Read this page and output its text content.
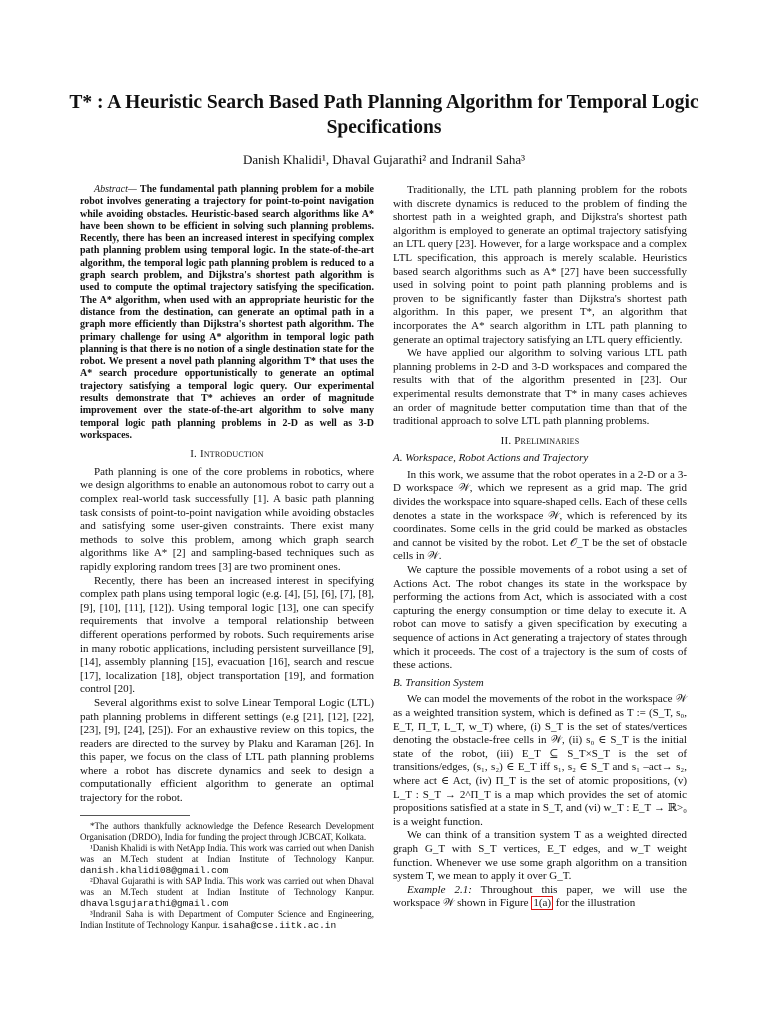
T* : A Heuristic Search Based Path Planning Algorithm for Temporal Logic Specifications
Danish Khalidi¹, Dhaval Gujarathi² and Indranil Saha³

Abstract— The fundamental path planning problem for a mobile robot involves generating a trajectory for point-to-point navigation while avoiding obstacles. Heuristic-based search algorithms like A* have been shown to be efficient in solving such planning problems. Recently, there has been an increased interest in specifying complex path planning problem using temporal logic. In the state-of-the-art algorithm, the temporal logic path planning problem is reduced to a graph search problem, and Dijkstra's shortest path algorithm is used to compute the optimal trajectory satisfying the specification. The A* algorithm, when used with an appropriate heuristic for the distance from the destination, can generate an optimal path in a graph more efficiently than Dijkstra's shortest path algorithm. The primary challenge for using A* algorithm in temporal logic path planning is that there is no notion of a single destination state for the robot. We present a novel path planning algorithm T* that uses the A* search procedure opportunistically to generate an optimal trajectory satisfying a temporal logic query. Our experimental results demonstrate that T* achieves an order of magnitude improvement over the state-of-the-art algorithm to solve many temporal logic path planning problems in 2-D as well as 3-D workspaces.

I. Introduction

Path planning is one of the core problems in robotics, where we design algorithms to enable an autonomous robot to carry out a complex real-world task successfully [1]. A basic path planning task consists of point-to-point navigation while avoiding obstacles and satisfying some user-given constraints. There exist many methods to solve this problem, among which graph search algorithms like A* [2] and sampling-based techniques such as rapidly exploring random trees [3] are two prominent ones.

Recently, there has been an increased interest in specifying complex path plans using temporal logic (e.g. [4], [5], [6], [7], [8], [9], [10], [11], [12]). Using temporal logic [13], one can specify requirements that involve a temporal relationship between different operations performed by robots. Such requirements arise in many robotic applications, including persistent surveillance [9], [14], assembly planning [15], evacuation [16], search and rescue [17], localization [18], object transportation [19], and formation control [20].

Several algorithms exist to solve Linear Temporal Logic (LTL) path planning problems in different settings (e.g [21], [12], [22], [23], [9], [24], [25]). For an exhaustive review on this topics, the readers are directed to the survey by Plaku and Karaman [26]. In this paper, we focus on the class of LTL path planning problems where a robot has discrete dynamics and seek to design a computationally efficient algorithm to generate an optimal trajectory for the robot.

*The authors thankfully acknowledge the Defence Research Development Organisation (DRDO), India for funding the project through JCBCAT, Kolkata.

¹Danish Khalidi is with NetApp India. This work was carried out when Danish was an M.Tech student at Indian Institute of Technology Kanpur. danish.khalidi08@gmail.com

²Dhaval Gujarathi is with SAP India. This work was carried out when Dhaval was an M.Tech student at Indian Institute of Technology Kanpur. dhavalsgujarathi@gmail.com

³Indranil Saha is with Department of Computer Science and Engineering, Indian Institute of Technology Kanpur. isaha@cse.iitk.ac.in

Traditionally, the LTL path planning problem for the robots with discrete dynamics is reduced to the problem of finding the shortest path in a weighted graph, and Dijkstra's shortest path algorithm is employed to generate an optimal trajectory satisfying an LTL query [23]. However, for a large workspace and a complex LTL specification, this approach is merely scalable. Heuristics based search algorithms such as A* [27] have been successfully used in solving point to point path planning problems and is proven to be significantly faster than Dijkstra's shortest path algorithm. In this paper, we present T*, an algorithm that incorporates the A* search algorithm in LTL path planning to generate an optimal trajectory satisfying an LTL query efficiently.

We have applied our algorithm to solving various LTL path planning problems in 2-D and 3-D workspaces and compared the results with that of the algorithm presented in [23]. Our experimental results demonstrate that T* in many cases achieves an order of magnitude better computation time than that of the traditional approach to solve LTL path planning problems.

II. Preliminaries
A. Workspace, Robot Actions and Trajectory

In this work, we assume that the robot operates in a 2-D or a 3-D workspace 𝒲, which we represent as a grid map. The grid divides the workspace into square-shaped cells. Each of these cells denotes a state in the workspace 𝒲, which is referenced by its coordinates. Some cells in the grid could be marked as obstacles and cannot be visited by the robot. Let 𝒪_T be the set of obstacle cells in 𝒲.

We capture the possible movements of a robot using a set of Actions Act. The robot changes its state in the workspace by performing the actions from Act, which is associated with a cost capturing the energy consumption or time delay to execute it. A robot can move to satisfy a given specification by executing a sequence of actions in Act generating a trajectory of states through which it proceeds. The cost of a trajectory is the sum of costs of these actions.

B. Transition System

We can model the movements of the robot in the workspace 𝒲 as a weighted transition system, which is defined as T := (S_T, s₀, E_T, Π_T, L_T, w_T) where, (i) S_T is the set of states/vertices denoting the obstacle-free cells in 𝒲, (ii) s₀ ∈ S_T is the initial state of the robot, (iii) E_T ⊆ S_T×S_T is the set of transitions/edges, (s₁, s₂) ∈ E_T iff s₁, s₂ ∈ S_T and s₁ –act→ s₂, where act ∈ Act, (iv) Π_T is the set of atomic propositions, (v) L_T : S_T → 2^Π_T is a map which provides the set of atomic propositions satisfied at a state in S_T, and (vi) w_T : E_T → ℝ>₀ is a weight function.

We can think of a transition system T as a weighted directed graph G_T with S_T vertices, E_T edges, and w_T weight function. Whenever we use some graph algorithm on a transition system T, we mean to apply it over G_T.

Example 2.1: Throughout this paper, we will use the workspace 𝒲 shown in Figure 1(a) for the illustration
